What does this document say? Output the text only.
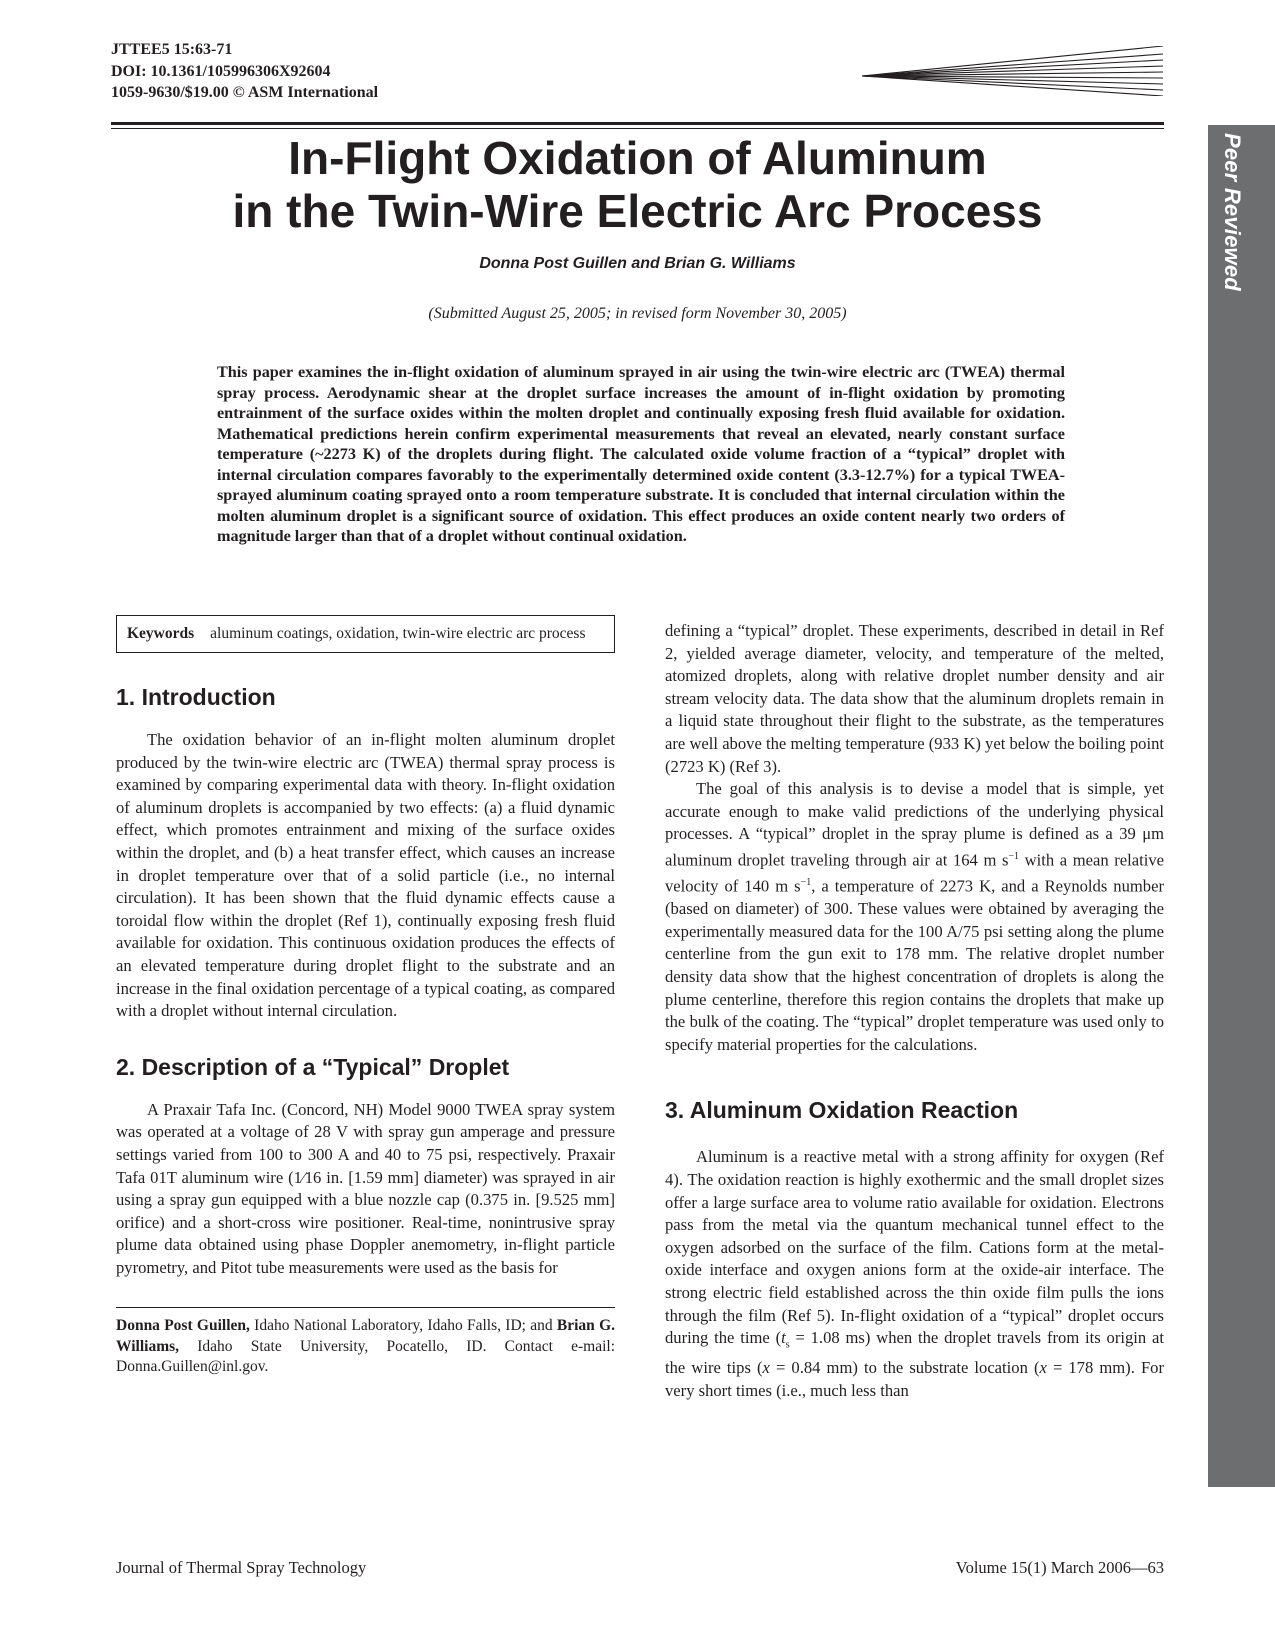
JTTEE5 15:63-71
DOI: 10.1361/105996306X92604
1059-9630/$19.00 © ASM International
Peer Reviewed
In-Flight Oxidation of Aluminum
in the Twin-Wire Electric Arc Process
Donna Post Guillen and Brian G. Williams
(Submitted August 25, 2005; in revised form November 30, 2005)
This paper examines the in-flight oxidation of aluminum sprayed in air using the twin-wire electric arc (TWEA) thermal spray process. Aerodynamic shear at the droplet surface increases the amount of in-flight oxidation by promoting entrainment of the surface oxides within the molten droplet and continually exposing fresh fluid available for oxidation. Mathematical predictions herein confirm experimental measurements that reveal an elevated, nearly constant surface temperature (~2273 K) of the droplets during flight. The calculated oxide volume fraction of a “typical” droplet with internal circulation compares favorably to the experimentally determined oxide content (3.3-12.7%) for a typical TWEA-sprayed aluminum coating sprayed onto a room temperature substrate. It is concluded that internal circulation within the molten aluminum droplet is a significant source of oxidation. This effect produces an oxide content nearly two orders of magnitude larger than that of a droplet without continual oxidation.
Keywords aluminum coatings, oxidation, twin-wire electric arc process
1. Introduction

The oxidation behavior of an in-flight molten aluminum droplet produced by the twin-wire electric arc (TWEA) thermal spray process is examined by comparing experimental data with theory. In-flight oxidation of aluminum droplets is accompanied by two effects: (a) a fluid dynamic effect, which promotes entrainment and mixing of the surface oxides within the droplet, and (b) a heat transfer effect, which causes an increase in droplet temperature over that of a solid particle (i.e., no internal circulation). It has been shown that the fluid dynamic effects cause a toroidal flow within the droplet (Ref 1), continually exposing fresh fluid available for oxidation. This continuous oxidation produces the effects of an elevated temperature during droplet flight to the substrate and an increase in the final oxidation percentage of a typical coating, as compared with a droplet without internal circulation.

2. Description of a “Typical” Droplet

A Praxair Tafa Inc. (Concord, NH) Model 9000 TWEA spray system was operated at a voltage of 28 V with spray gun amperage and pressure settings varied from 100 to 300 A and 40 to 75 psi, respectively. Praxair Tafa 01T aluminum wire (1⁄16 in. [1.59 mm] diameter) was sprayed in air using a spray gun equipped with a blue nozzle cap (0.375 in. [9.525 mm] orifice) and a short-cross wire positioner. Real-time, nonintrusive spray plume data obtained using phase Doppler anemometry, in-flight particle pyrometry, and Pitot tube measurements were used as the basis for

Donna Post Guillen, Idaho National Laboratory, Idaho Falls, ID; and Brian G. Williams, Idaho State University, Pocatello, ID. Contact e-mail: Donna.Guillen@inl.gov.

defining a “typical” droplet. These experiments, described in detail in Ref 2, yielded average diameter, velocity, and temperature of the melted, atomized droplets, along with relative droplet number density and air stream velocity data. The data show that the aluminum droplets remain in a liquid state throughout their flight to the substrate, as the temperatures are well above the melting temperature (933 K) yet below the boiling point (2723 K) (Ref 3).

The goal of this analysis is to devise a model that is simple, yet accurate enough to make valid predictions of the underlying physical processes. A “typical” droplet in the spray plume is defined as a 39 μm aluminum droplet traveling through air at 164 m $s^{-1}$ with a mean relative velocity of 140 m $s^{-1}$, a temperature of 2273 K, and a Reynolds number (based on diameter) of 300. These values were obtained by averaging the experimentally measured data for the 100 A/75 psi setting along the plume centerline from the gun exit to 178 mm. The relative droplet number density data show that the highest concentration of droplets is along the plume centerline, therefore this region contains the droplets that make up the bulk of the coating. The “typical” droplet temperature was used only to specify material properties for the calculations.

3. Aluminum Oxidation Reaction

Aluminum is a reactive metal with a strong affinity for oxygen (Ref 4). The oxidation reaction is highly exothermic and the small droplet sizes offer a large surface area to volume ratio available for oxidation. Electrons pass from the metal via the quantum mechanical tunnel effect to the oxygen adsorbed on the surface of the film. Cations form at the metal-oxide interface and oxygen anions form at the oxide-air interface. The strong electric field established across the thin oxide film pulls the ions through the film (Ref 5). In-flight oxidation of a “typical” droplet occurs during the time ($t_s = 1.08$ ms) when the droplet travels from its origin at the wire tips (x = 0.84 mm) to the substrate location (x = 178 mm). For very short times (i.e., much less than

Journal of Thermal Spray Technology	Volume 15(1) March 2006—63
